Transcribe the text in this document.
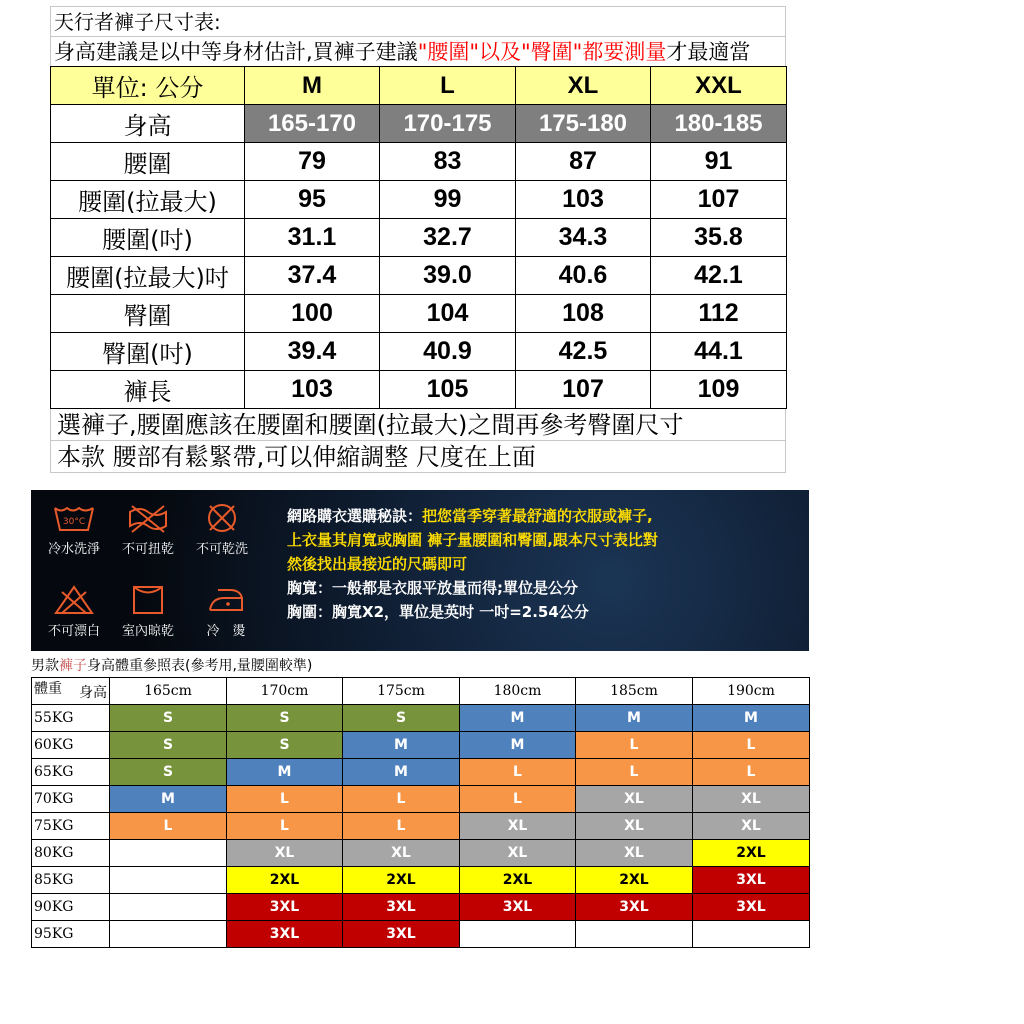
天行者褲子尺寸表:
身高建議是以中等身材估計,買褲子建議"腰圍"以及"臀圍"都要測量才最適當
單位: 公分	M	L	XL	XXL
身高	165-170	170-175	175-180	180-185
腰圍	79	83	87	91
腰圍(拉最大)	95	99	103	107
腰圍(吋)	31.1	32.7	34.3	35.8
腰圍(拉最大)吋	37.4	39.0	40.6	42.1
臀圍	100	104	108	112
臀圍(吋)	39.4	40.9	42.5	44.1
褲長	103	105	107	109
選褲子,腰圍應該在腰圍和腰圍(拉最大)之間再參考臀圍尺寸
本款 腰部有鬆緊帶,可以伸縮調整 尺度在上面
30°C
冷水洗淨	不可扭乾	不可乾洗
不可漂白	室內晾乾	冷　燙
網路購衣選購秘訣：把您當季穿著最舒適的衣服或褲子,
上衣量其肩寬或胸圍 褲子量腰圍和臀圍,跟本尺寸表比對
然後找出最接近的尺碼即可
胸寬：一般都是衣服平放量而得;單位是公分
胸圍：胸寬X2，單位是英吋 一吋=2.54公分
男款褲子身高體重參照表(參考用,量腰圍較準)
身高
體重	165cm	170cm	175cm	180cm	185cm	190cm
55KG	S	S	S	M	M	M
60KG	S	S	M	M	L	L
65KG	S	M	M	L	L	L
70KG	M	L	L	L	XL	XL
75KG	L	L	L	XL	XL	XL
80KG		XL	XL	XL	XL	2XL
85KG		2XL	2XL	2XL	2XL	3XL
90KG		3XL	3XL	3XL	3XL	3XL
95KG		3XL	3XL			
